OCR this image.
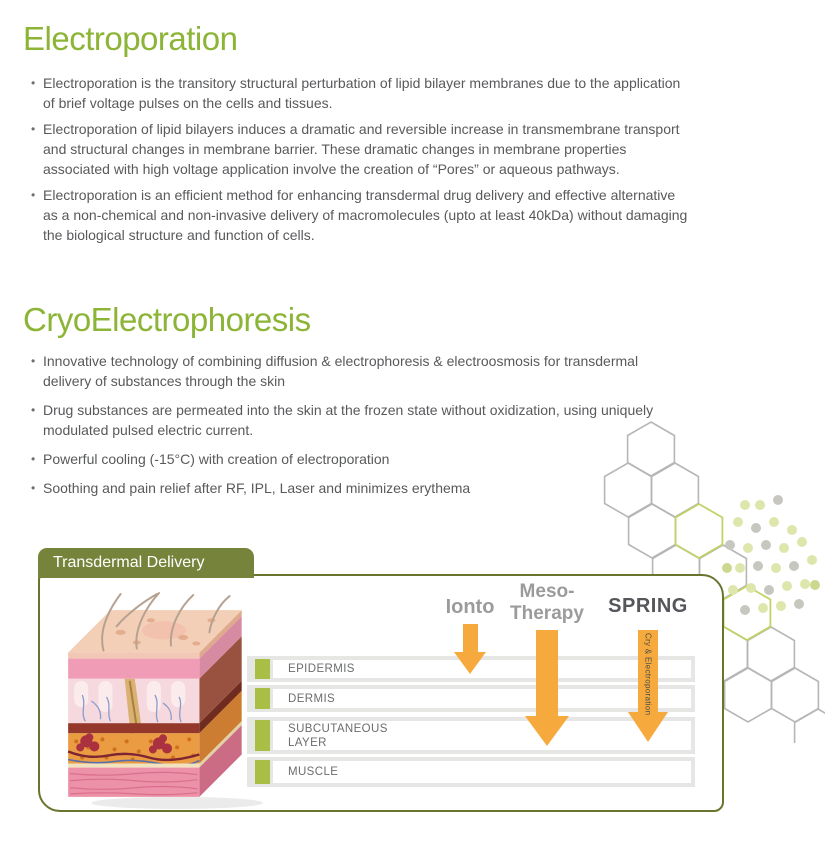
Electroporation
• Electroporation is the transitory structural perturbation of lipid bilayer membranes due to the application of brief voltage pulses on the cells and tissues.
• Electroporation of lipid bilayers induces a dramatic and reversible increase in transmembrane transport and structural changes in membrane barrier. These dramatic changes in membrane properties associated with high voltage application involve the creation of “Pores” or aqueous pathways.
• Electroporation is an efficient method for enhancing transdermal drug delivery and effective alternative as a non-chemical and non-invasive delivery of macromolecules (upto at least 40kDa) without damaging the biological structure and function of cells.
CryoElectrophoresis
• Innovative technology of combining diffusion & electrophoresis & electroosmosis for transdermal delivery of substances through the skin
• Drug substances are permeated into the skin at the frozen state without oxidization, using uniquely modulated pulsed electric current.
• Powerful cooling (-15°C) with creation of electroporation
• Soothing and pain relief after RF, IPL, Laser and minimizes erythema
Transdermal Delivery
EPIDERMIS
DERMIS
SUBCUTANEOUS LAYER
MUSCLE
Ionto
Meso-
Therapy	SPRING
Cry & Electroporation
